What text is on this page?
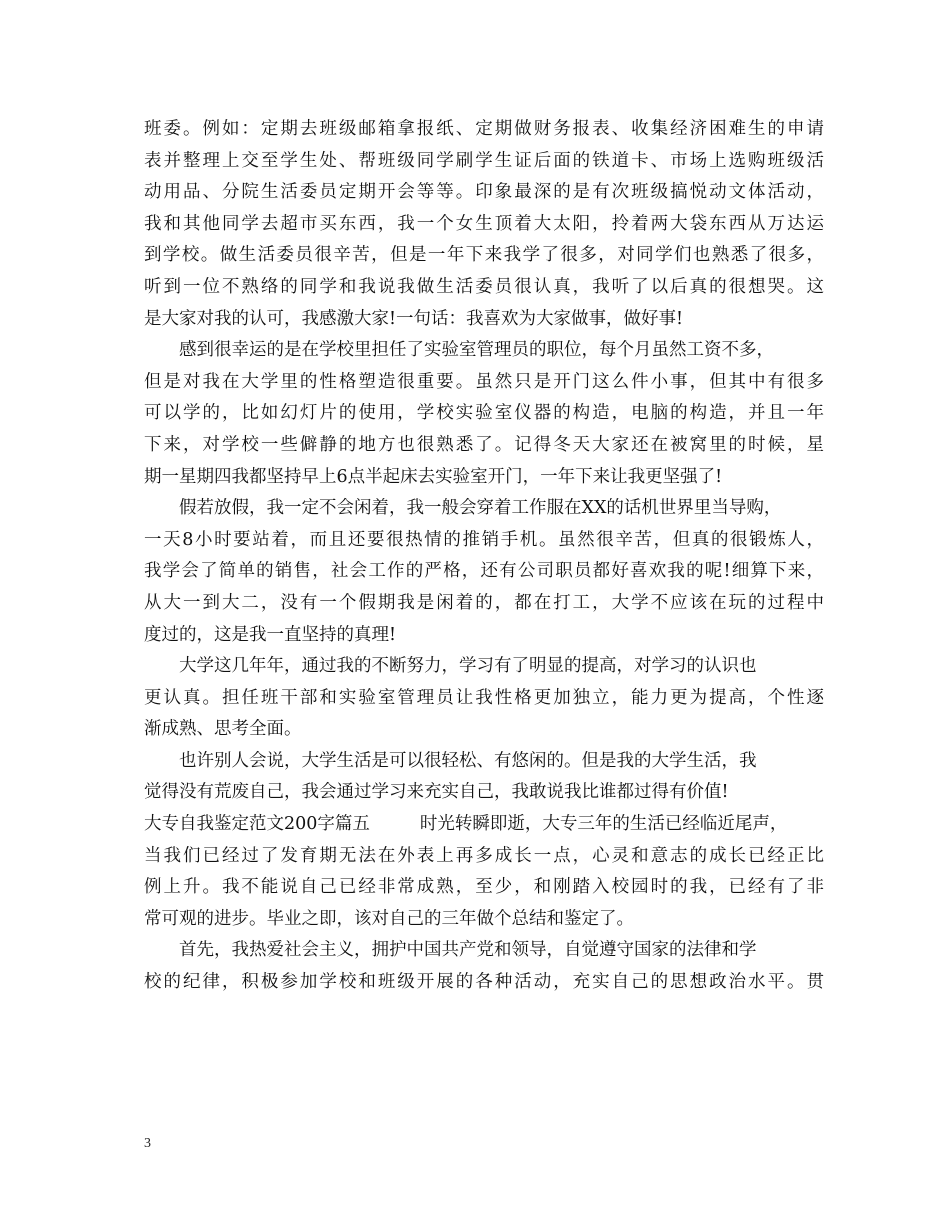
班委。例如：定期去班级邮箱拿报纸、定期做财务报表、收集经济困难生的申请
表并整理上交至学生处、帮班级同学刷学生证后面的铁道卡、市场上选购班级活
动用品、分院生活委员定期开会等等。印象最深的是有次班级搞悦动文体活动，
我和其他同学去超市买东西，我一个女生顶着大太阳，拎着两大袋东西从万达运
到学校。做生活委员很辛苦，但是一年下来我学了很多，对同学们也熟悉了很多，
听到一位不熟络的同学和我说我做生活委员很认真，我听了以后真的很想哭。这
是大家对我的认可，我感激大家!一句话：我喜欢为大家做事，做好事!
感到很幸运的是在学校里担任了实验室管理员的职位，每个月虽然工资不多，
但是对我在大学里的性格塑造很重要。虽然只是开门这么件小事，但其中有很多
可以学的，比如幻灯片的使用，学校实验室仪器的构造，电脑的构造，并且一年
下来，对学校一些僻静的地方也很熟悉了。记得冬天大家还在被窝里的时候，星
期一星期四我都坚持早上6点半起床去实验室开门，一年下来让我更坚强了!
假若放假，我一定不会闲着，我一般会穿着工作服在XX的话机世界里当导购，
一天8小时要站着，而且还要很热情的推销手机。虽然很辛苦，但真的很锻炼人，
我学会了简单的销售，社会工作的严格，还有公司职员都好喜欢我的呢!细算下来，
从大一到大二，没有一个假期我是闲着的，都在打工，大学不应该在玩的过程中
度过的，这是我一直坚持的真理!
大学这几年年，通过我的不断努力，学习有了明显的提高，对学习的认识也
更认真。担任班干部和实验室管理员让我性格更加独立，能力更为提高，个性逐
渐成熟、思考全面。
也许别人会说，大学生活是可以很轻松、有悠闲的。但是我的大学生活，我
觉得没有荒废自己，我会通过学习来充实自己，我敢说我比谁都过得有价值!
大专自我鉴定范文200字篇五	时光转瞬即逝，大专三年的生活已经临近尾声，
当我们已经过了发育期无法在外表上再多成长一点，心灵和意志的成长已经正比
例上升。我不能说自己已经非常成熟，至少，和刚踏入校园时的我，已经有了非
常可观的进步。毕业之即，该对自己的三年做个总结和鉴定了。
首先，我热爱社会主义，拥护中国共产党和领导，自觉遵守国家的法律和学
校的纪律，积极参加学校和班级开展的各种活动，充实自己的思想政治水平。贯
3
